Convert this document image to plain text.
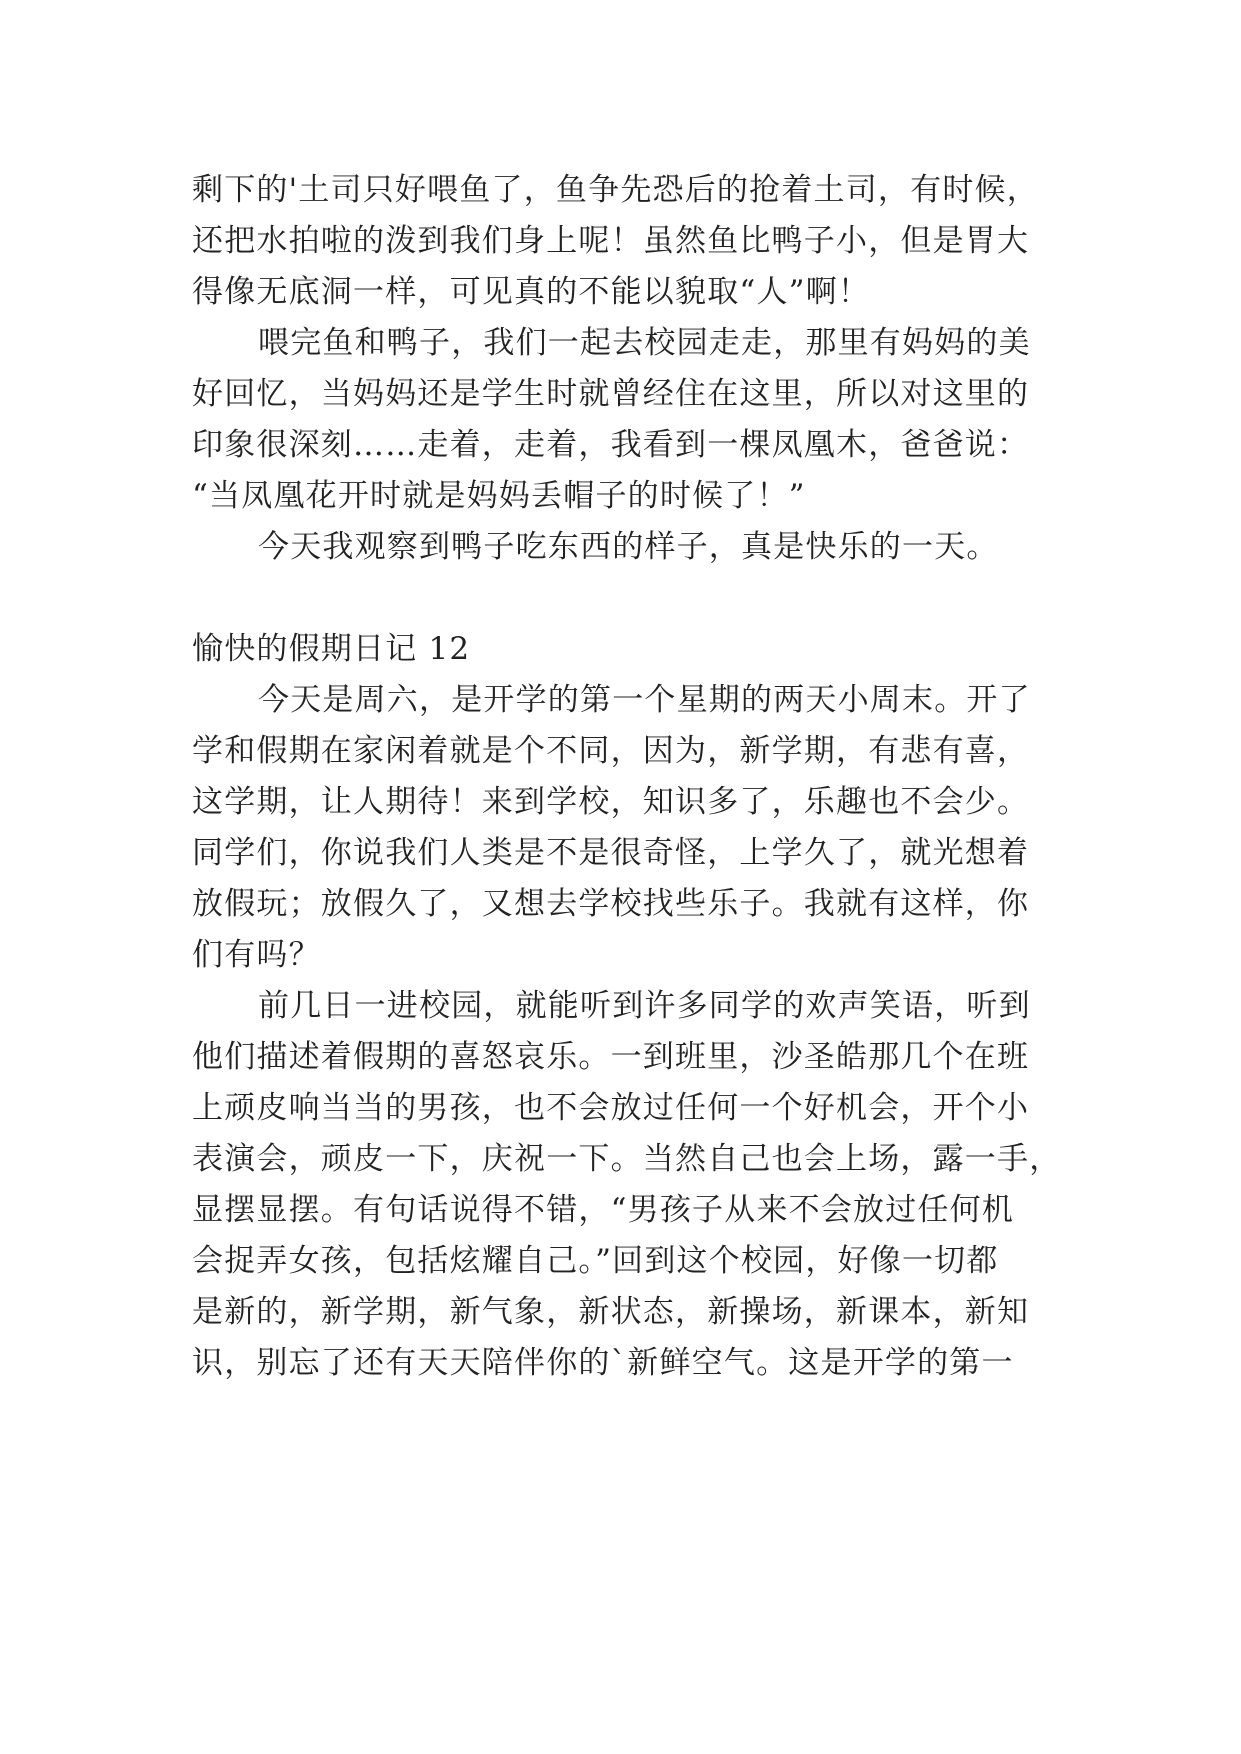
剩下的'土司只好喂鱼了，鱼争先恐后的抢着土司，有时候，
还把水拍啦的泼到我们身上呢！虽然鱼比鸭子小，但是胃大
得像无底洞一样，可见真的不能以貌取“人”啊！
喂完鱼和鸭子，我们一起去校园走走，那里有妈妈的美
好回忆，当妈妈还是学生时就曾经住在这里，所以对这里的
印象很深刻……走着，走着，我看到一棵凤凰木，爸爸说：
“当凤凰花开时就是妈妈丢帽子的时候了！”
今天我观察到鸭子吃东西的样子，真是快乐的一天。
愉快的假期日记 12
今天是周六，是开学的第一个星期的两天小周末。开了
学和假期在家闲着就是个不同，因为，新学期，有悲有喜，
这学期，让人期待！来到学校，知识多了，乐趣也不会少。
同学们，你说我们人类是不是很奇怪，上学久了，就光想着
放假玩；放假久了，又想去学校找些乐子。我就有这样，你
们有吗？
前几日一进校园，就能听到许多同学的欢声笑语，听到
他们描述着假期的喜怒哀乐。一到班里，沙圣皓那几个在班
上顽皮响当当的男孩，也不会放过任何一个好机会，开个小
表演会，顽皮一下，庆祝一下。当然自己也会上场，露一手，
显摆显摆。有句话说得不错，“男孩子从来不会放过任何机
会捉弄女孩，包括炫耀自己。”回到这个校园，好像一切都
是新的，新学期，新气象，新状态，新操场，新课本，新知
识，别忘了还有天天陪伴你的`新鲜空气。这是开学的第一
